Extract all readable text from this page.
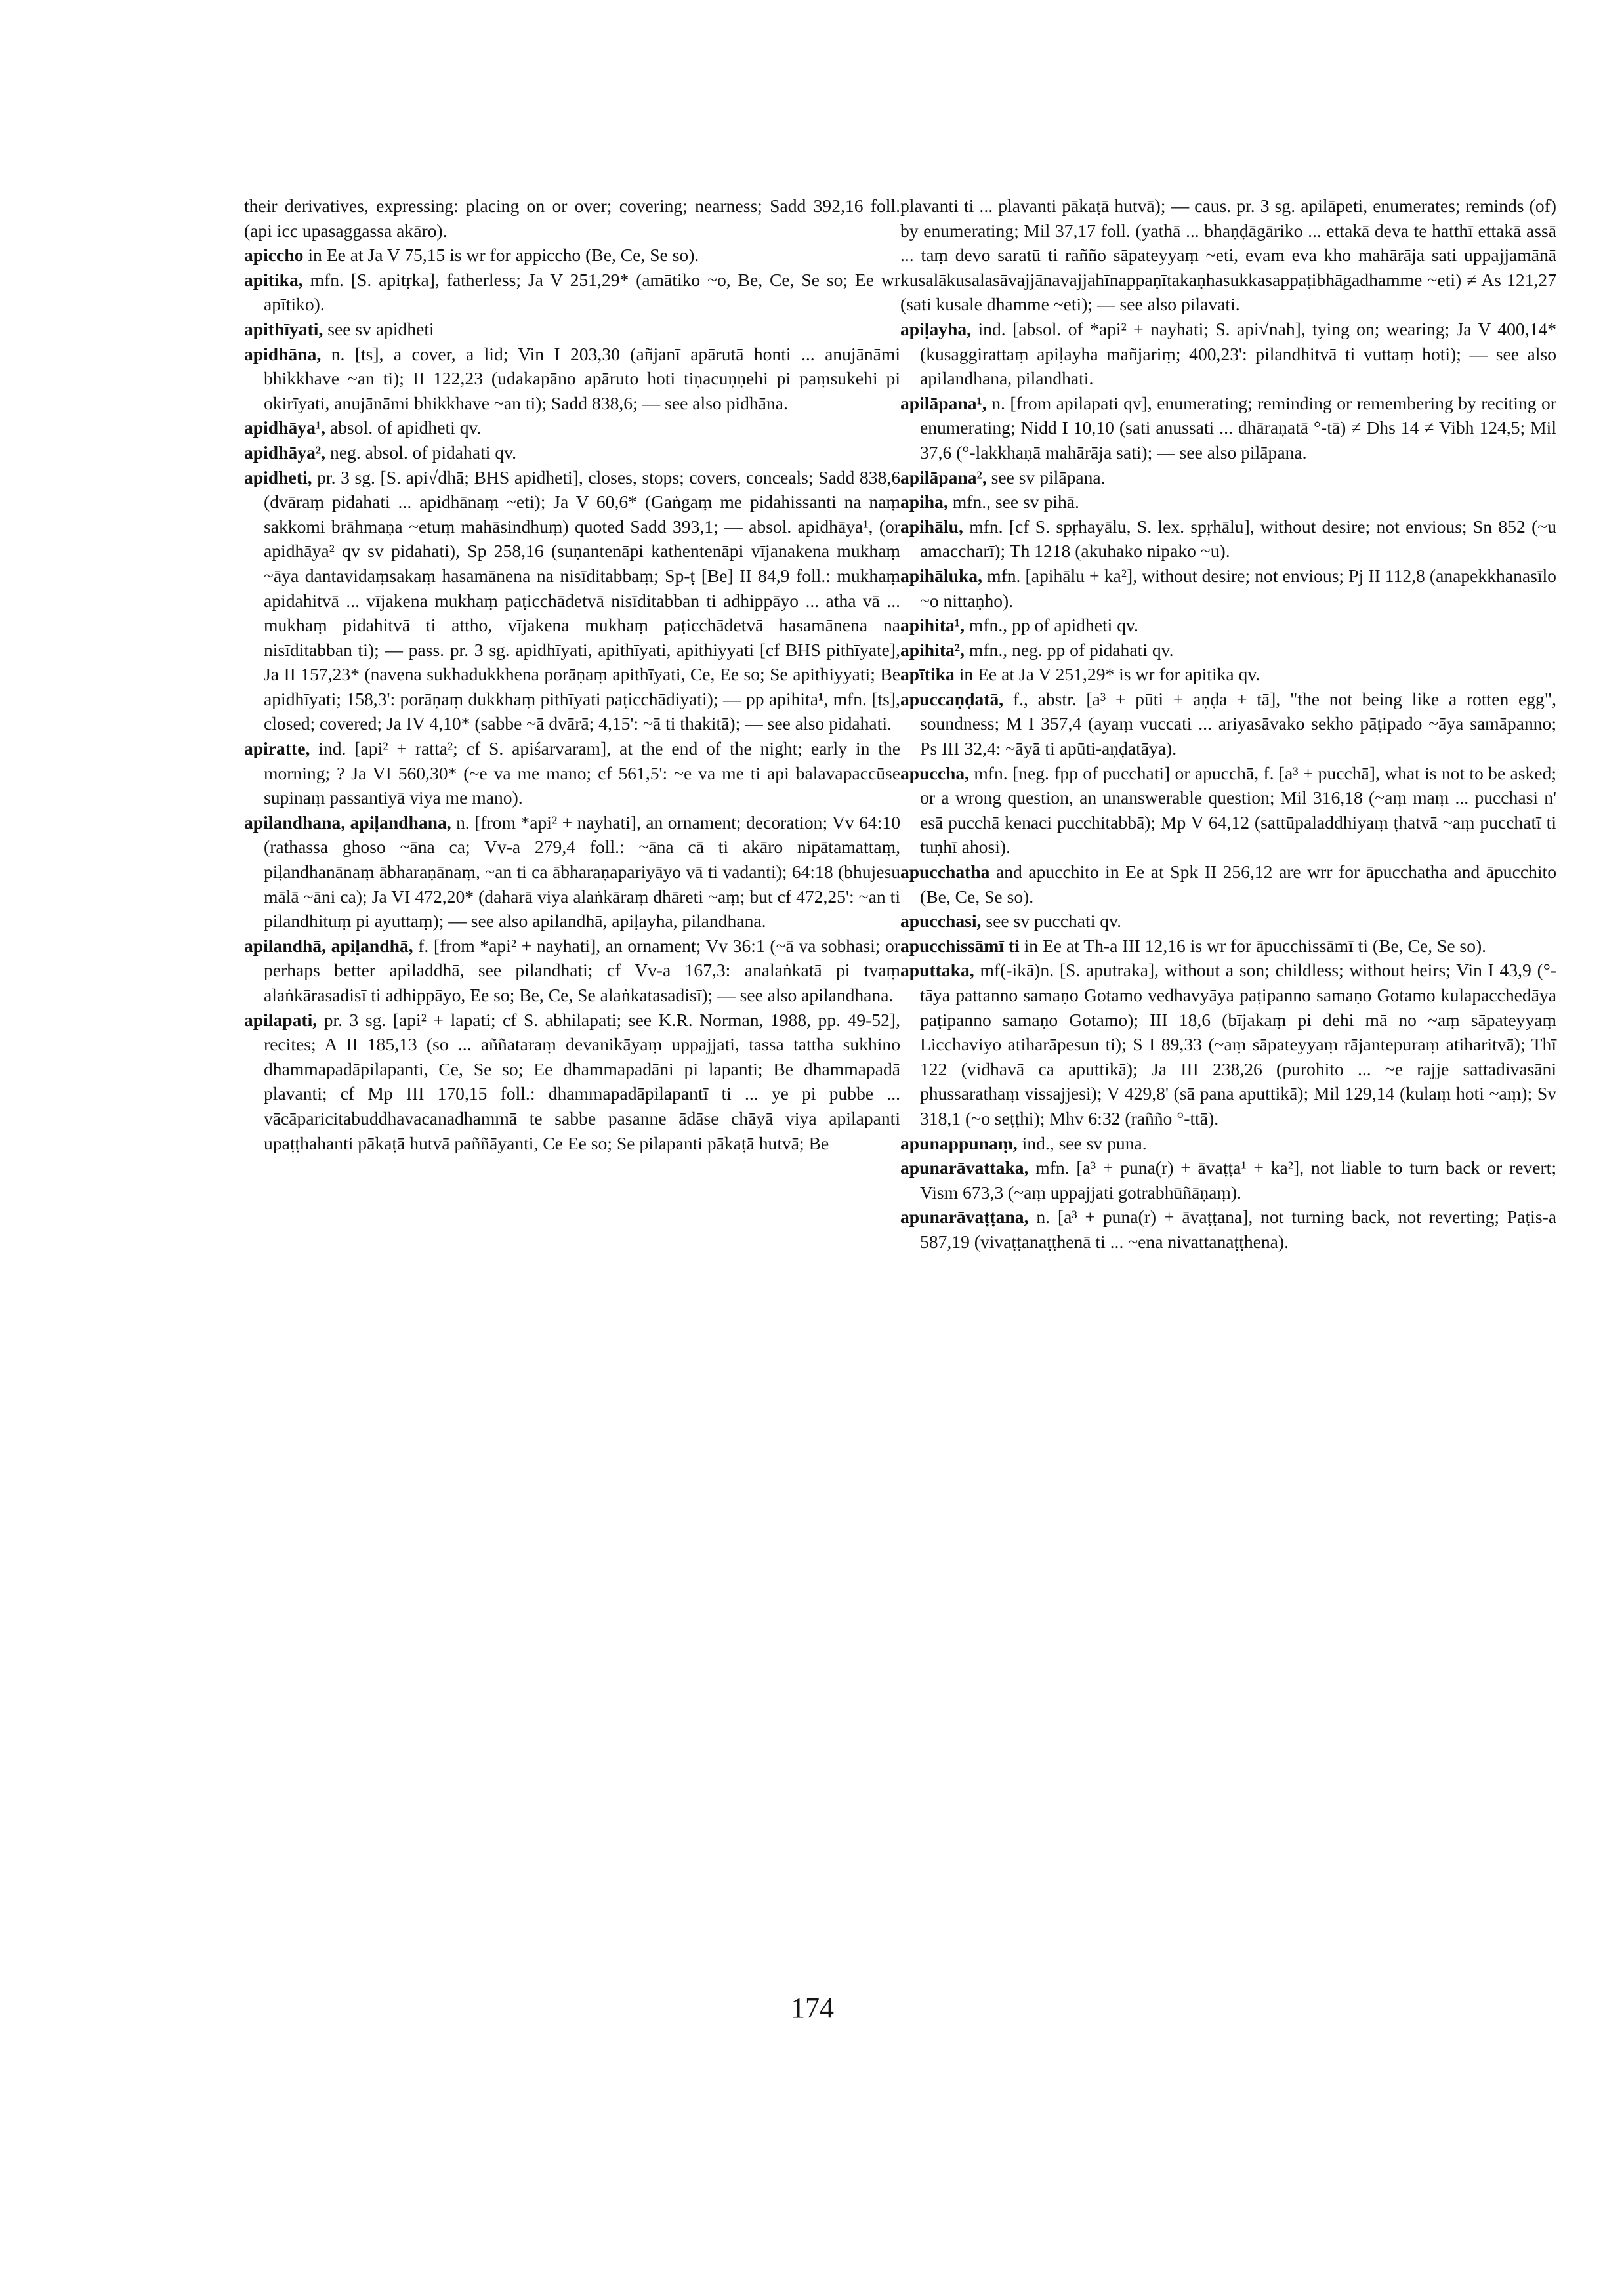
their derivatives, expressing: placing on or over; covering; nearness; Sadd 392,16 foll. (api icc upasaggassa akāro).

apiccho in Ee at Ja V 75,15 is wr for appiccho (Be, Ce, Se so).

apitika, mfn. [S. apitṛka], fatherless; Ja V 251,29* (amātiko ~o, Be, Ce, Se so; Ee wr apītiko).

apithīyati, see sv apidheti

apidhāna, n. [ts], a cover, a lid; Vin I 203,30 (añjanī apārutā honti ... anujānāmi bhikkhave ~an ti); II 122,23 (udakapāno apāruto hoti tiṇacuṇṇehi pi paṃsukehi pi okirīyati, anujānāmi bhikkhave ~an ti); Sadd 838,6; — see also pidhāna.

apidhāya¹, absol. of apidheti qv.

apidhāya², neg. absol. of pidahati qv.

apidheti, pr. 3 sg. [S. api√dhā; BHS apidheti], closes, stops; covers, conceals; Sadd 838,6 (dvāraṃ pidahati ... apidhānaṃ ~eti); Ja V 60,6* (Gaṅgaṃ me pidahissanti na naṃ sakkomi brāhmaṇa ~etuṃ mahāsindhuṃ) quoted Sadd 393,1; — absol. apidhāya¹, (or apidhāya² qv sv pidahati), Sp 258,16 (suṇantenāpi kathentenāpi vījanakena mukhaṃ ~āya dantavidaṃsakaṃ hasamānena na nisīditabbaṃ; Sp-ṭ [Be] II 84,9 foll.: mukhaṃ apidahitvā ... vījakena mukhaṃ paṭicchādetvā nisīditabban ti adhippāyo ... atha vā ... mukhaṃ pidahitvā ti attho, vījakena mukhaṃ paṭicchādetvā hasamānena na nisīditabban ti); — pass. pr. 3 sg. apidhīyati, apithīyati, apithiyyati [cf BHS pithīyate], Ja II 157,23* (navena sukhadukkhena porāṇaṃ apithīyati, Ce, Ee so; Se apithiyyati; Be apidhīyati; 158,3': porāṇaṃ dukkhaṃ pithīyati paṭicchādiyati); — pp apihita¹, mfn. [ts], closed; covered; Ja IV 4,10* (sabbe ~ā dvārā; 4,15': ~ā ti thakitā); — see also pidahati.

apiratte, ind. [api² + ratta²; cf S. apiśarvaram], at the end of the night; early in the morning; ? Ja VI 560,30* (~e va me mano; cf 561,5': ~e va me ti api balavapaccūse supinaṃ passantiyā viya me mano).

apilandhana, apiḷandhana, n. [from *api² + nayhati], an ornament; decoration; Vv 64:10 (rathassa ghoso ~āna ca; Vv-a 279,4 foll.: ~āna cā ti akāro nipātamattaṃ, piḷandhanānaṃ ābharaṇānaṃ, ~an ti ca ābharaṇapariyāyo vā ti vadanti); 64:18 (bhujesu mālā ~āni ca); Ja VI 472,20* (daharā viya alaṅkāraṃ dhāreti ~aṃ; but cf 472,25': ~an ti pilandhituṃ pi ayuttaṃ); — see also apilandhā, apiḷayha, pilandhana.

apilandhā, apiḷandhā, f. [from *api² + nayhati], an ornament; Vv 36:1 (~ā va sobhasi; or perhaps better apiladdhā, see pilandhati; cf Vv-a 167,3: analaṅkatā pi tvaṃ alaṅkārasadisī ti adhippāyo, Ee so; Be, Ce, Se alaṅkatasadisī); — see also apilandhana.

apilapati, pr. 3 sg. [api² + lapati; cf S. abhilapati; see K.R. Norman, 1988, pp. 49-52], recites; A II 185,13 (so ... aññataraṃ devanikāyaṃ uppajjati, tassa tattha sukhino dhammapadāpilapanti, Ce, Se so; Ee dhammapadāni pi lapanti; Be dhammapadā plavanti; cf Mp III 170,15 foll.: dhammapadāpilapantī ti ... ye pi pubbe ... vācāparicitabuddhavacanadhammā te sabbe pasanne ādāse chāyā viya apilapanti upaṭṭhahanti pākaṭā hutvā paññāyanti, Ce Ee so; Se pilapanti pākaṭā hutvā; Be

plavanti ti ... plavanti pākaṭā hutvā); — caus. pr. 3 sg. apilāpeti, enumerates; reminds (of) by enumerating; Mil 37,17 foll. (yathā ... bhaṇḍāgāriko ... ettakā deva te hatthī ettakā assā ... taṃ devo saratū ti rañño sāpateyyaṃ ~eti, evam eva kho mahārāja sati uppajjamānā kusalākusalasāvajjānavajjahīnappaṇītakaṇhasukkasappaṭibhāgadhamme ~eti) ≠ As 121,27 (sati kusale dhamme ~eti); — see also pilavati.

apiḷayha, ind. [absol. of *api² + nayhati; S. api√nah], tying on; wearing; Ja V 400,14* (kusaggirattaṃ apiḷayha mañjariṃ; 400,23': pilandhitvā ti vuttaṃ hoti); — see also apilandhana, pilandhati.

apilāpana¹, n. [from apilapati qv], enumerating; reminding or remembering by reciting or enumerating; Nidd I 10,10 (sati anussati ... dhāraṇatā °-tā) ≠ Dhs 14 ≠ Vibh 124,5; Mil 37,6 (°-lakkhaṇā mahārāja sati); — see also pilāpana.

apilāpana², see sv pilāpana.

apiha, mfn., see sv pihā.

apihālu, mfn. [cf S. spṛhayālu, S. lex. spṛhālu], without desire; not envious; Sn 852 (~u amaccharī); Th 1218 (akuhako nipako ~u).

apihāluka, mfn. [apihālu + ka²], without desire; not envious; Pj II 112,8 (anapekkhanasīlo ~o nittaṇho).

apihita¹, mfn., pp of apidheti qv.

apihita², mfn., neg. pp of pidahati qv.

apītika in Ee at Ja V 251,29* is wr for apitika qv.

apuccaṇḍatā, f., abstr. [a³ + pūti + aṇḍa + tā], "the not being like a rotten egg", soundness; M I 357,4 (ayaṃ vuccati ... ariyasāvako sekho pāṭipado ~āya samāpanno; Ps III 32,4: ~āyā ti apūti-aṇḍatāya).

apuccha, mfn. [neg. fpp of pucchati] or apucchā, f. [a³ + pucchā], what is not to be asked; or a wrong question, an unanswerable question; Mil 316,18 (~aṃ maṃ ... pucchasi n' esā pucchā kenaci pucchitabbā); Mp V 64,12 (sattūpaladdhiyaṃ ṭhatvā ~aṃ pucchatī ti tuṇhī ahosi).

apucchatha and apucchito in Ee at Spk II 256,12 are wrr for āpucchatha and āpucchito (Be, Ce, Se so).

apucchasi, see sv pucchati qv.

apucchissāmī ti in Ee at Th-a III 12,16 is wr for āpucchissāmī ti (Be, Ce, Se so).

aputtaka, mf(-ikā)n. [S. aputraka], without a son; childless; without heirs; Vin I 43,9 (°-tāya pattanno samaṇo Gotamo vedhavyāya paṭipanno samaṇo Gotamo kulapacchedāya paṭipanno samaṇo Gotamo); III 18,6 (bījakaṃ pi dehi mā no ~aṃ sāpateyyaṃ Licchaviyo atiharāpesun ti); S I 89,33 (~aṃ sāpateyyaṃ rājantepuraṃ atiharitvā); Thī 122 (vidhavā ca aputtikā); Ja III 238,26 (purohito ... ~e rajje sattadivasāni phussarathaṃ vissajjesi); V 429,8' (sā pana aputtikā); Mil 129,14 (kulaṃ hoti ~aṃ); Sv 318,1 (~o seṭṭhi); Mhv 6:32 (rañño °-ttā).

apunappunaṃ, ind., see sv puna.

apunarāvattaka, mfn. [a³ + puna(r) + āvaṭṭa¹ + ka²], not liable to turn back or revert; Vism 673,3 (~aṃ uppajjati gotrabhūñāṇaṃ).

apunarāvaṭṭana, n. [a³ + puna(r) + āvaṭṭana], not turning back, not reverting; Paṭis-a 587,19 (vivaṭṭanaṭṭhenā ti ... ~ena nivattanaṭṭhena).

174
